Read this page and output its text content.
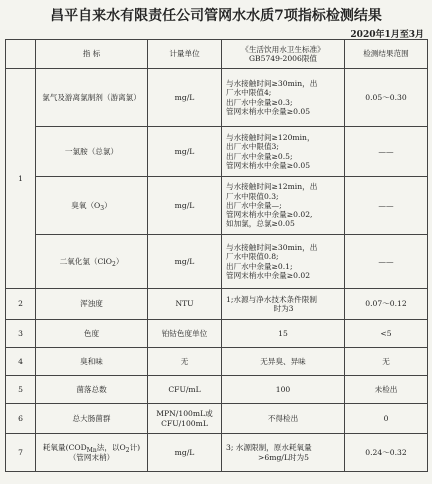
昌平自来水有限责任公司管网水水质7项指标检测结果
2020年1月至3月
	指 标	计量单位	《生活饮用水卫生标准》
GB5749-2006限值	检测结果范围
1	氯气及游离氯制剂（游离氯）	mg/L	与水接触时间≥30min，出
厂水中限值4;
出厂水中余量≥0.3;
管网末梢水中余量≥0.05	0.05～0.30
	一氯胺（总氯）	mg/L	与水接触时间≥120min，
出厂水中限值3;
出厂水中余量≥0.5;
管网末梢水中余量≥0.05	——
	臭氧$(O_3)$	mg/L	与水接触时间≥12min，出
厂水中限值0.3;
出厂水中余量—;
管网末梢水中余量≥0.02,
如加氯，总氯≥0.05	——
	二氧化氯（ClO$_2$）	mg/L	与水接触时间≥30min，出
厂水中限值0.8;
出厂水中余量≥0.1;
管网末梢水中余量≥0.02	——
2	浑浊度	NTU	1;水源与净水技术条件限制
时为3	0.07～0.12
3	色度	铂钴色度单位	15	<5
4	臭和味	无	无异臭、异味	无
5	菌落总数	CFU/mL	100	未检出
6	总大肠菌群	MPN/100mL或
CFU/100mL	不得检出	0
7	耗氧量($COD_{Mn}$法，以$O_2$计)
（管网末梢）	mg/L	3; 水源限制，原水耗氧量
>6mg/L时为5	0.24～0.32
